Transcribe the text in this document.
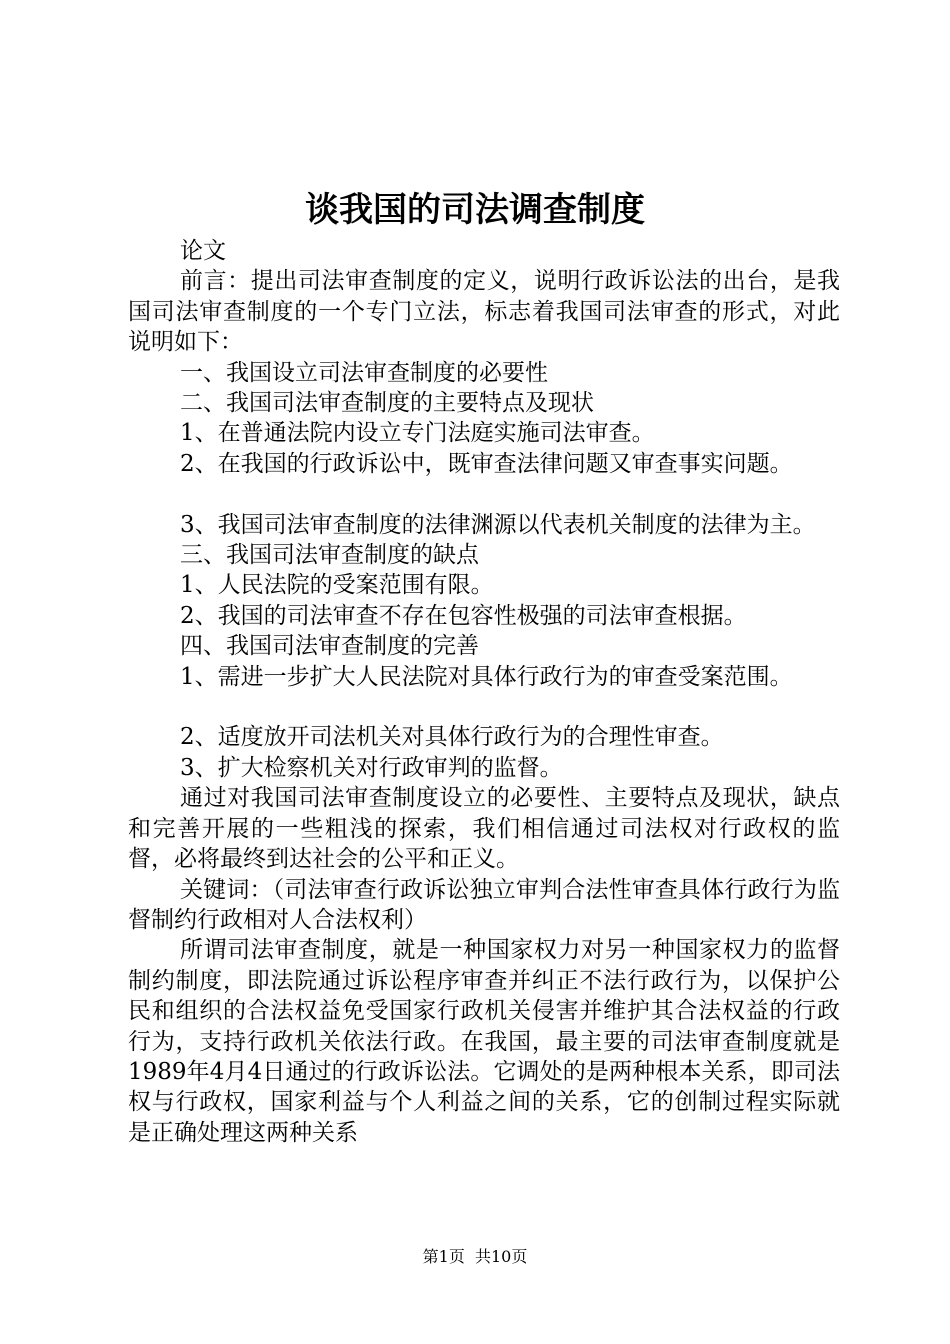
谈我国的司法调查制度

论文

前言：提出司法审查制度的定义，说明行政诉讼法的出台，是我国司法审查制度的一个专门立法，标志着我国司法审查的形式，对此说明如下：

一、我国设立司法审查制度的必要性

二、我国司法审查制度的主要特点及现状

1、在普通法院内设立专门法庭实施司法审查。

2、在我国的行政诉讼中，既审查法律问题又审查事实问题。

3、我国司法审查制度的法律渊源以代表机关制度的法律为主。

三、我国司法审查制度的缺点

1、人民法院的受案范围有限。

2、我国的司法审查不存在包容性极强的司法审查根据。

四、我国司法审查制度的完善

1、需进一步扩大人民法院对具体行政行为的审查受案范围。

2、适度放开司法机关对具体行政行为的合理性审查。

3、扩大检察机关对行政审判的监督。

通过对我国司法审查制度设立的必要性、主要特点及现状，缺点和完善开展的一些粗浅的探索，我们相信通过司法权对行政权的监督，必将最终到达社会的公平和正义。

关键词：（司法审查行政诉讼独立审判合法性审查具体行政行为监督制约行政相对人合法权利）

所谓司法审查制度，就是一种国家权力对另一种国家权力的监督制约制度，即法院通过诉讼程序审查并纠正不法行政行为，以保护公民和组织的合法权益免受国家行政机关侵害并维护其合法权益的行政行为，支持行政机关依法行政。在我国，最主要的司法审查制度就是1989年4月4日通过的行政诉讼法。它调处的是两种根本关系，即司法权与行政权，国家利益与个人利益之间的关系，它的创制过程实际就是正确处理这两种关系

第1页  共10页
